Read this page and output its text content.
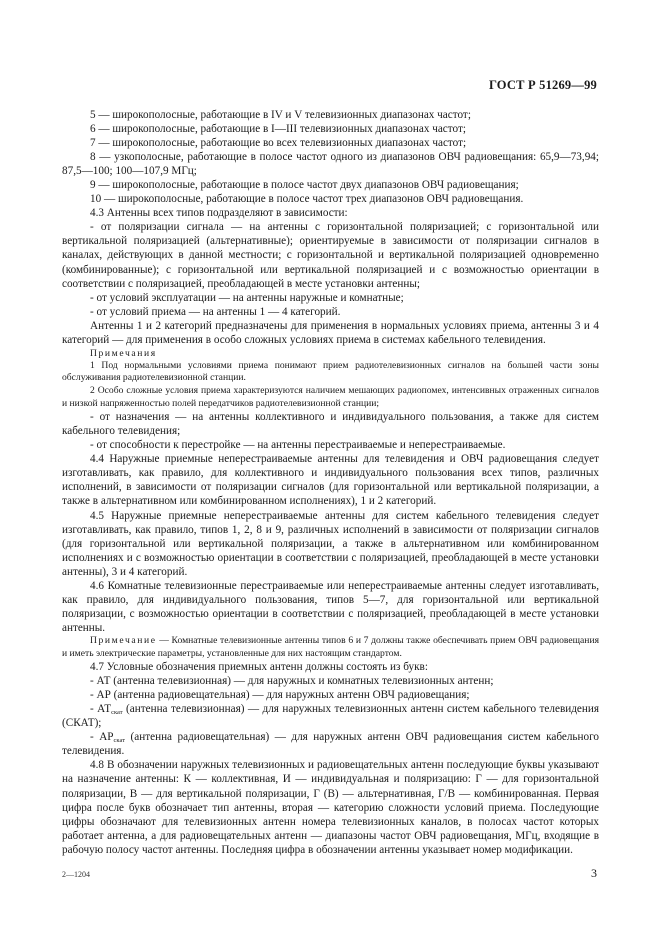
ГОСТ Р 51269—99

5 — широкополосные, работающие в IV и V телевизионных диапазонах частот;

6 — широкополосные, работающие в I—III телевизионных диапазонах частот;

7 — широкополосные, работающие во всех телевизионных диапазонах частот;

8 — узкополосные, работающие в полосе частот одного из диапазонов ОВЧ радиовещания: 65,9—73,94; 87,5—100; 100—107,9 МГц;

9 — широкополосные, работающие в полосе частот двух диапазонов ОВЧ радиовещания;

10 — широкополосные, работающие в полосе частот трех диапазонов ОВЧ радиовещания.

4.3 Антенны всех типов подразделяют в зависимости:

- от поляризации сигнала — на антенны с горизонтальной поляризацией; с горизонтальной или вертикальной поляризацией (альтернативные); ориентируемые в зависимости от поляризации сигналов в каналах, действующих в данной местности; с горизонтальной и вертикальной поляризацией одновременно (комбинированные); с горизонтальной или вертикальной поляризацией и с возможностью ориентации в соответствии с поляризацией, преобладающей в месте установки антенны;

- от условий эксплуатации — на антенны наружные и комнатные;

- от условий приема — на антенны 1 — 4 категорий.

Антенны 1 и 2 категорий предназначены для применения в нормальных условиях приема, антенны 3 и 4 категорий — для применения в особо сложных условиях приема в системах кабельного телевидения.

Примечания

1 Под нормальными условиями приема понимают прием радиотелевизионных сигналов на большей части зоны обслуживания радиотелевизионной станции.

2 Особо сложные условия приема характеризуются наличием мешающих радиопомех, интенсивных отраженных сигналов и низкой напряженностью полей передатчиков радиотелевизионной станции;

- от назначения — на антенны коллективного и индивидуального пользования, а также для систем кабельного телевидения;

- от способности к перестройке — на антенны перестраиваемые и неперестраиваемые.

4.4 Наружные приемные неперестраиваемые антенны для телевидения и ОВЧ радиовещания следует изготавливать, как правило, для коллективного и индивидуального пользования всех типов, различных исполнений, в зависимости от поляризации сигналов (для горизонтальной или вертикальной поляризации, а также в альтернативном или комбинированном исполнениях), 1 и 2 категорий.

4.5 Наружные приемные неперестраиваемые антенны для систем кабельного телевидения следует изготавливать, как правило, типов 1, 2, 8 и 9, различных исполнений в зависимости от поляризации сигналов (для горизонтальной или вертикальной поляризации, а также в альтернативном или комбинированном исполнениях и с возможностью ориентации в соответствии с поляризацией, преобладающей в месте установки антенны), 3 и 4 категорий.

4.6 Комнатные телевизионные перестраиваемые или неперестраиваемые антенны следует изготавливать, как правило, для индивидуального пользования, типов 5—7, для горизонтальной или вертикальной поляризации, с возможностью ориентации в соответствии с поляризацией, преобладающей в месте установки антенны.

Примечание — Комнатные телевизионные антенны типов 6 и 7 должны также обеспечивать прием ОВЧ радиовещания и иметь электрические параметры, установленные для них настоящим стандартом.

4.7 Условные обозначения приемных антенн должны состоять из букв:

- АТ (антенна телевизионная) — для наружных и комнатных телевизионных антенн;

- АР (антенна радиовещательная) — для наружных антенн ОВЧ радиовещания;

- $АТ_{скат}$ (антенна телевизионная) — для наружных телевизионных антенн систем кабельного телевидения (СКАТ);

- $АР_{скат}$ (антенна радиовещательная) — для наружных антенн ОВЧ радиовещания систем кабельного телевидения.

4.8 В обозначении наружных телевизионных и радиовещательных антенн последующие буквы указывают на назначение антенны: К — коллективная, И — индивидуальная и поляризацию: Г — для горизонтальной поляризации, В — для вертикальной поляризации, Г (В) — альтернативная, Г/В — комбинированная. Первая цифра после букв обозначает тип антенны, вторая — категорию сложности условий приема. Последующие цифры обозначают для телевизионных антенн номера телевизионных каналов, в полосах частот которых работает антенна, а для радиовещательных антенн — диапазоны частот ОВЧ радиовещания, МГц, входящие в рабочую полосу частот антенны. Последняя цифра в обозначении антенны указывает номер модификации.

2—1204	3
